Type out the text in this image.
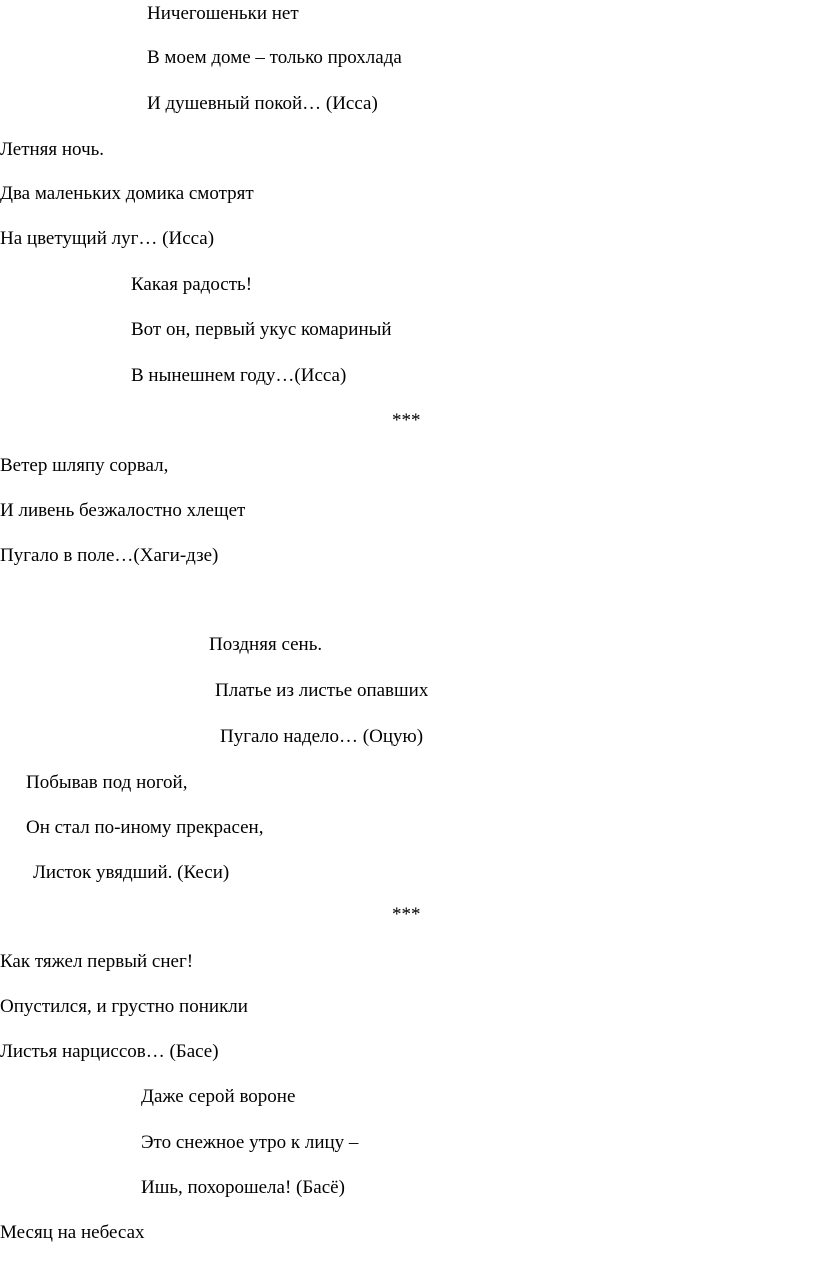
Ничегошеньки нет
В моем доме – только прохлада
И душевный покой… (Исса)
Летняя ночь.
Два маленьких домика смотрят
На цветущий луг… (Исса)
Какая радость!
Вот он, первый укус комариный
В нынешнем году…(Исса)
***
Ветер шляпу сорвал,
И ливень безжалостно хлещет
Пугало в поле…(Хаги-дзе)
Поздняя сень.
Платье из листье опавших
Пугало надело… (Оцую)
Побывав под ногой,
Он стал по-иному прекрасен,
Листок увядший. (Кеси)
***
Как тяжел первый снег!
Опустился, и грустно поникли
Листья нарциссов… (Басе)
Даже серой вороне
Это снежное утро к лицу –
Ишь, похорошела! (Басё)
Месяц на небесах
